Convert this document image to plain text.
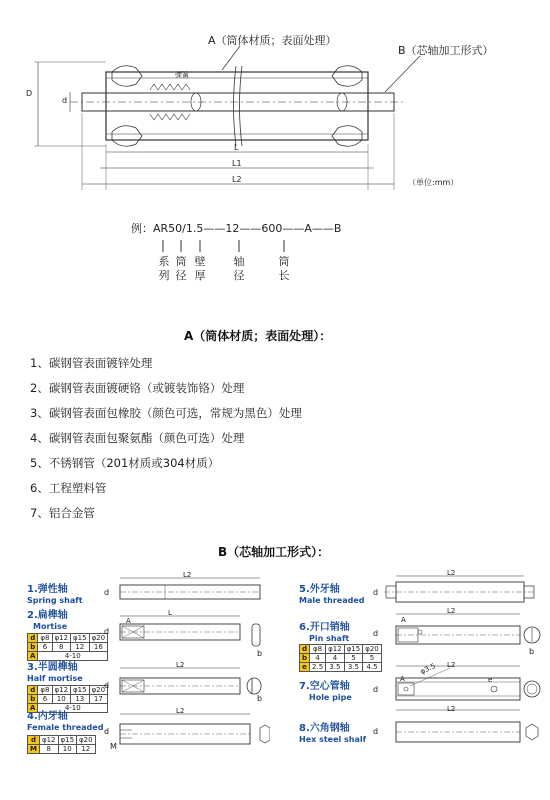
A（筒体材质；表面处理）
B（芯轴加工形式）
弹簧
D
d
L
L1
L2	（单位:mm）
例：AR50/1.5——12——600——A——B
系
列
筒
径
壁
厚
轴
径
筒
长
A（筒体材质；表面处理）：
1、碳钢管表面镀锌处理
2、碳钢管表面镀硬铬（或镀装饰铬）处理
3、碳钢管表面包橡胶（颜色可选，常规为黑色）处理
4、碳钢管表面包聚氨酯（颜色可选）处理
5、不锈钢管（201材质或304材质）
6、工程塑料管
7、铝合金管
B（芯轴加工形式）：
1.弹性轴
Spring shaft
L2
d
2.扁榫轴
Mortise
d	φ8	φ12	φ15	φ20
b	6	8	12	16
A	4-10			
L
A
d
b
3.半圆榫轴
Half mortise
d	φ8	φ12	φ15	φ20
b	6	10	13	17
A	4-10			
L2
d
b
4.内牙轴
Female threaded
d	φ12	φ15	φ20
M	8	10	12
L2
d
M
5.外牙轴
Male threaded
L2
d
6.开口销轴
Pin shaft
d	φ8	φ12	φ15	φ20
b	4	4	5	5
e	2.5	3.5	3.5	4.5
L2
A
d
b
7.空心管轴
Hole pipe
L2
φ3.5
A
d
e
8.六角钢轴
Hex steel shalf
L2
d
